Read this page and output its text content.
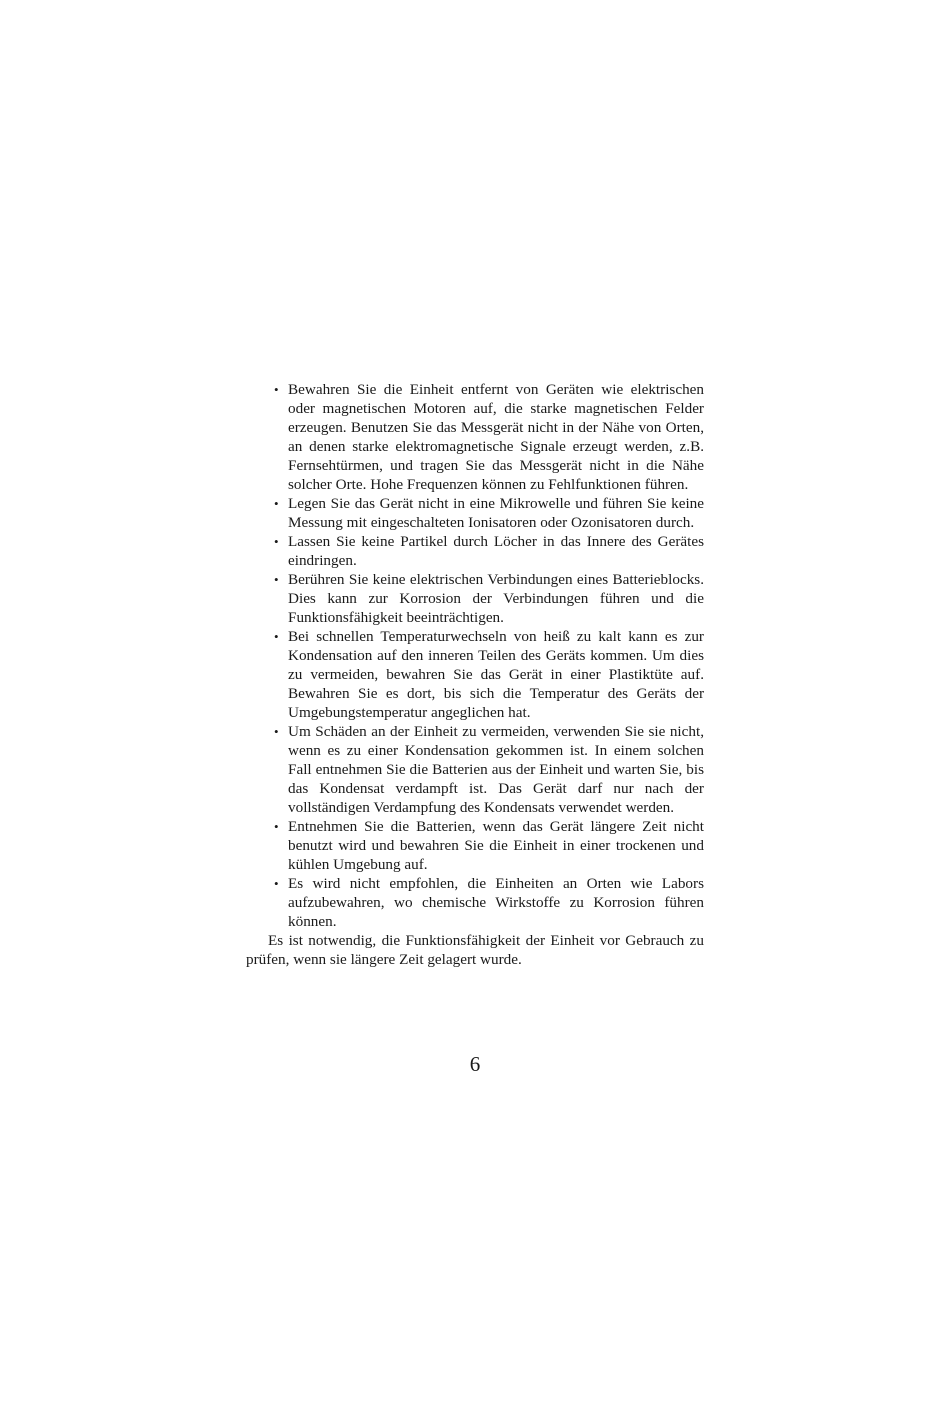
• Bewahren Sie die Einheit entfernt von Geräten wie elektrischen oder magnetischen Motoren auf, die starke magnetischen Felder erzeugen. Benutzen Sie das Messgerät nicht in der Nähe von Orten, an denen starke elektromagnetische Signale erzeugt werden, z.B. Fernsehtürmen, und tragen Sie das Messgerät nicht in die Nähe solcher Orte. Hohe Frequenzen können zu Fehlfunktionen führen.
• Legen Sie das Gerät nicht in eine Mikrowelle und führen Sie keine Messung mit eingeschalteten Ionisatoren oder Ozonisatoren durch.
• Lassen Sie keine Partikel durch Löcher in das Innere des Gerätes eindringen.
• Berühren Sie keine elektrischen Verbindungen eines Batterieblocks. Dies kann zur Korrosion der Verbindungen führen und die Funktionsfähigkeit beeinträchtigen.
• Bei schnellen Temperaturwechseln von heiß zu kalt kann es zur Kondensation auf den inneren Teilen des Geräts kommen. Um dies zu vermeiden, bewahren Sie das Gerät in einer Plastiktüte auf. Bewahren Sie es dort, bis sich die Temperatur des Geräts der Umgebungstemperatur angeglichen hat.
• Um Schäden an der Einheit zu vermeiden, verwenden Sie sie nicht, wenn es zu einer Kondensation gekommen ist. In einem solchen Fall entnehmen Sie die Batterien aus der Einheit und warten Sie, bis das Kondensat verdampft ist. Das Gerät darf nur nach der vollständigen Verdampfung des Kondensats verwendet werden.
• Entnehmen Sie die Batterien, wenn das Gerät längere Zeit nicht benutzt wird und bewahren Sie die Einheit in einer trockenen und kühlen Umgebung auf.
• Es wird nicht empfohlen, die Einheiten an Orten wie Labors aufzubewahren, wo chemische Wirkstoffe zu Korrosion führen können.

Es ist notwendig, die Funktionsfähigkeit der Einheit vor Gebrauch zu prüfen, wenn sie längere Zeit gelagert wurde.

6
